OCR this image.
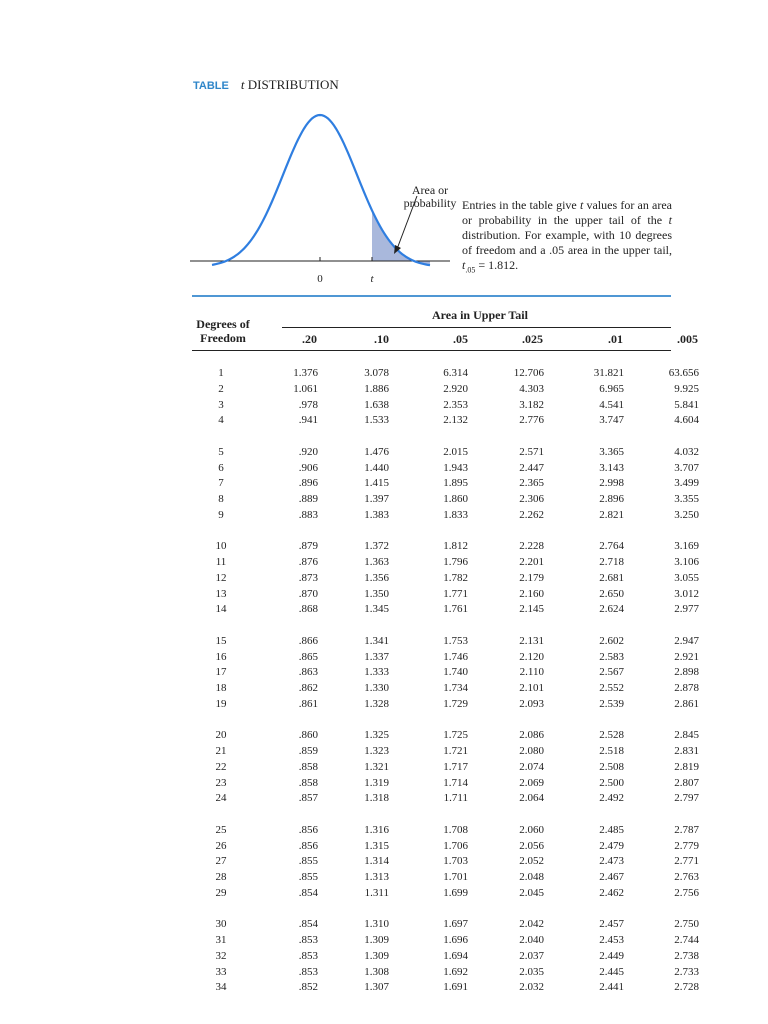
TABLE t DISTRIBUTION
0	t
Area or probability Entries in the table give t values for an area or probability in the upper tail of the t distribution. For example, with 10 degrees of freedom and a .05 area in the upper tail, $t_{.05} = 1.812$.
Area in Upper Tail
Degrees of Freedom	.20	.10	.05	.025	.01	.005
1	1.376	3.078	6.314	12.706	31.821	63.656
2	1.061	1.886	2.920	4.303	6.965	9.925
3	.978	1.638	2.353	3.182	4.541	5.841
4	.941	1.533	2.132	2.776	3.747	4.604
5	.920	1.476	2.015	2.571	3.365	4.032
6	.906	1.440	1.943	2.447	3.143	3.707
7	.896	1.415	1.895	2.365	2.998	3.499
8	.889	1.397	1.860	2.306	2.896	3.355
9	.883	1.383	1.833	2.262	2.821	3.250
10	.879	1.372	1.812	2.228	2.764	3.169
11	.876	1.363	1.796	2.201	2.718	3.106
12	.873	1.356	1.782	2.179	2.681	3.055
13	.870	1.350	1.771	2.160	2.650	3.012
14	.868	1.345	1.761	2.145	2.624	2.977
15	.866	1.341	1.753	2.131	2.602	2.947
16	.865	1.337	1.746	2.120	2.583	2.921
17	.863	1.333	1.740	2.110	2.567	2.898
18	.862	1.330	1.734	2.101	2.552	2.878
19	.861	1.328	1.729	2.093	2.539	2.861
20	.860	1.325	1.725	2.086	2.528	2.845
21	.859	1.323	1.721	2.080	2.518	2.831
22	.858	1.321	1.717	2.074	2.508	2.819
23	.858	1.319	1.714	2.069	2.500	2.807
24	.857	1.318	1.711	2.064	2.492	2.797
25	.856	1.316	1.708	2.060	2.485	2.787
26	.856	1.315	1.706	2.056	2.479	2.779
27	.855	1.314	1.703	2.052	2.473	2.771
28	.855	1.313	1.701	2.048	2.467	2.763
29	.854	1.311	1.699	2.045	2.462	2.756
30	.854	1.310	1.697	2.042	2.457	2.750
31	.853	1.309	1.696	2.040	2.453	2.744
32	.853	1.309	1.694	2.037	2.449	2.738
33	.853	1.308	1.692	2.035	2.445	2.733
34	.852	1.307	1.691	2.032	2.441	2.728
